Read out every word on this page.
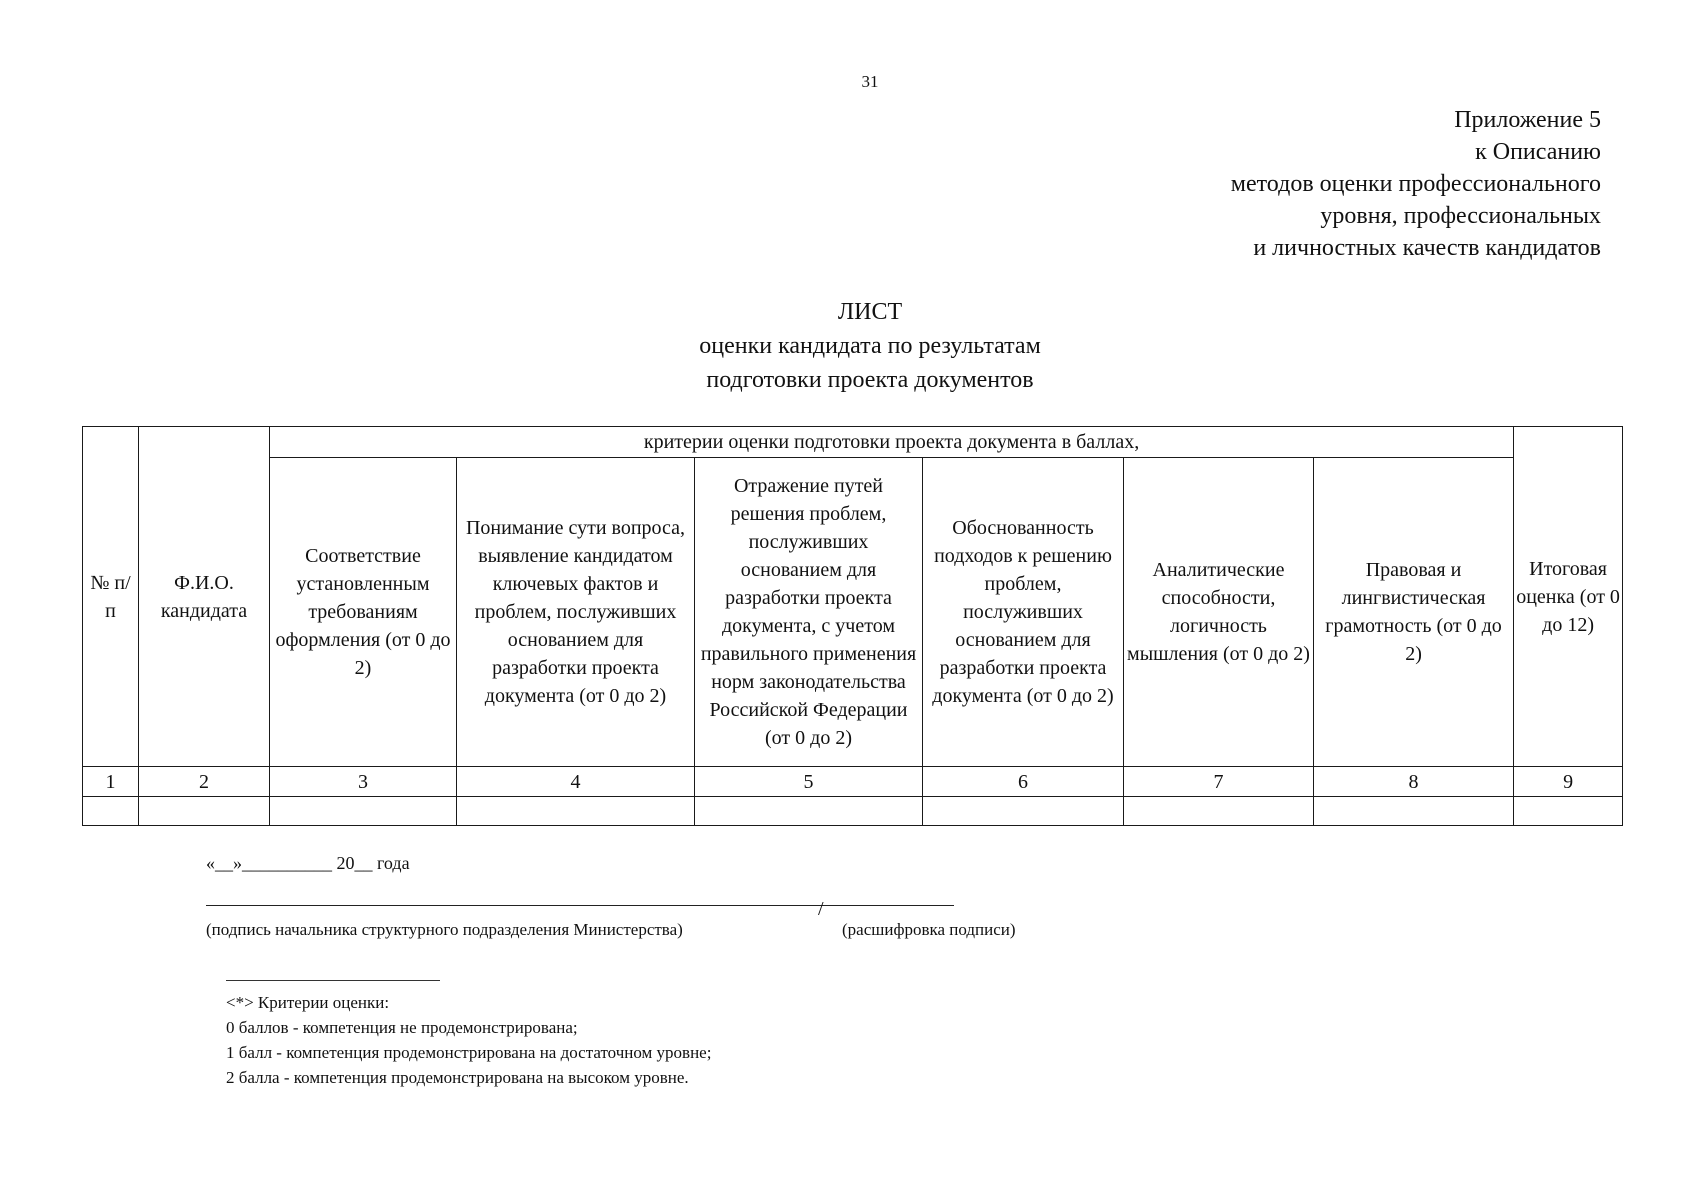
31
Приложение 5
к Описанию
методов оценки профессионального
уровня, профессиональных
и личностных качеств кандидатов
ЛИСТ
оценки кандидата по результатам
подготовки проекта документов
№ п/п	Ф.И.О. кандидата	критерии оценки подготовки проекта документа в баллах,						Итоговая оценка (от 0 до 12)
		Соответствие установленным требованиям оформления (от 0 до 2)	Понимание сути вопроса, выявление кандидатом ключевых фактов и проблем, послуживших основанием для разработки проекта документа (от 0 до 2)	Отражение путей решения проблем, послуживших основанием для разработки проекта документа, с учетом правильного применения норм законодательства Российской Федерации (от 0 до 2)	Обоснованность подходов к решению проблем, послуживших основанием для разработки проекта документа (от 0 до 2)	Аналитические способности, логичность мышления (от 0 до 2)	Правовая и лингвистическая грамотность (от 0 до 2)	
1	2	3	4	5	6	7	8	9

«__»__________ 20__ года
/
(подпись начальника структурного подразделения Министерства)	(расшифровка подписи)
<*> Критерии оценки:
0 баллов - компетенция не продемонстрирована;
1 балл - компетенция продемонстрирована на достаточном уровне;
2 балла - компетенция продемонстрирована на высоком уровне.
